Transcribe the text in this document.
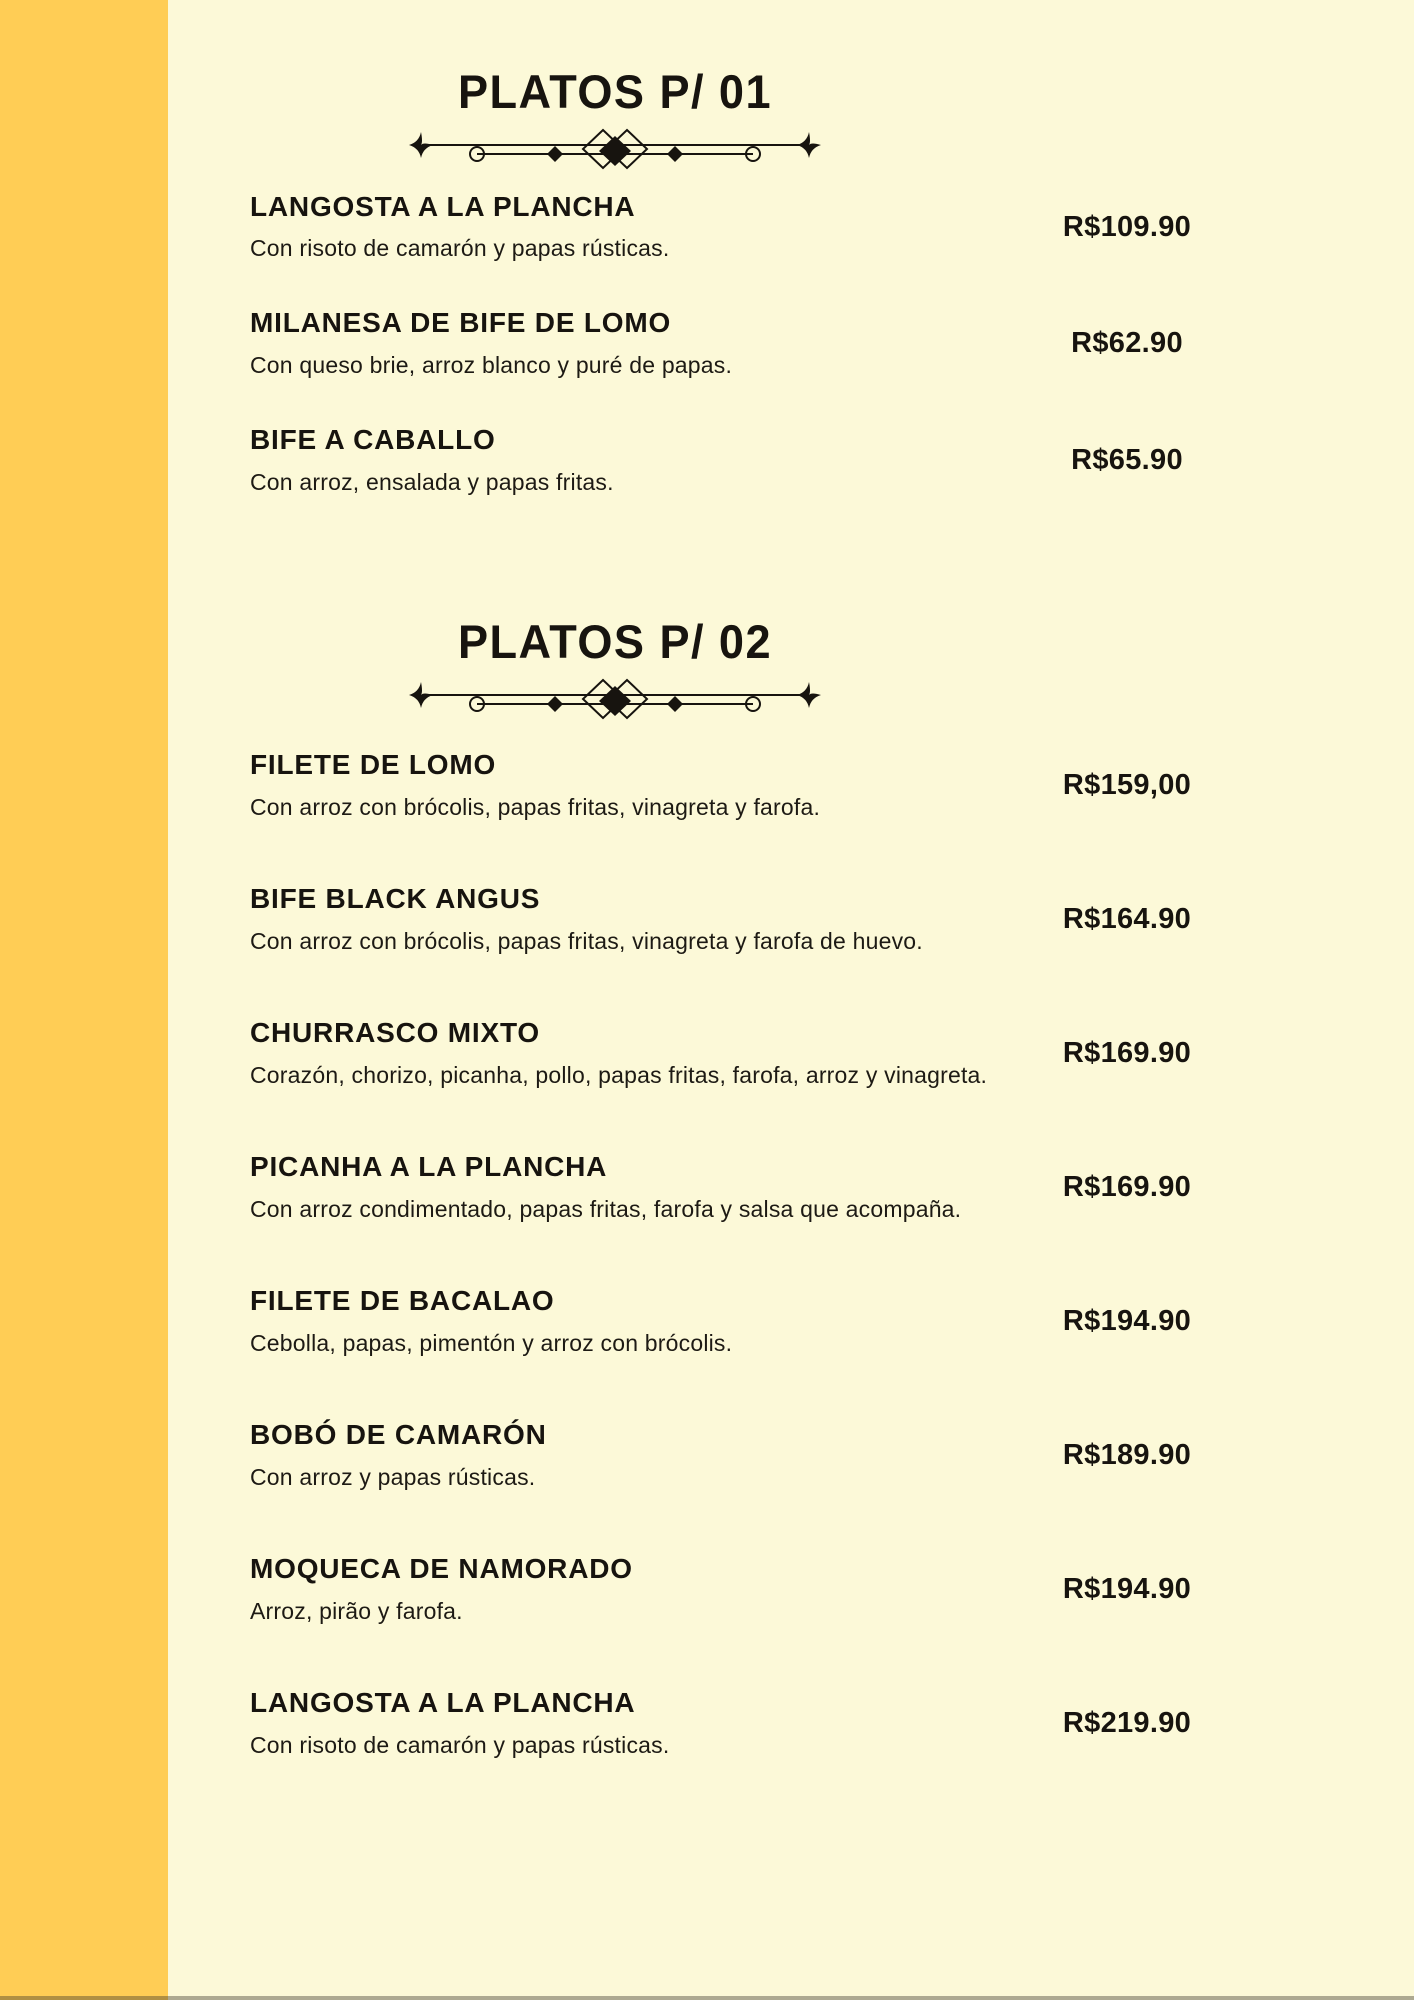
PLATOS P/ 01
LANGOSTA A LA PLANCHA
Con risoto de camarón y papas rústicas.
R$109.90
MILANESA DE BIFE DE LOMO
Con queso brie, arroz blanco y puré de papas.
R$62.90
BIFE A CABALLO
Con arroz, ensalada y papas fritas.
R$65.90
PLATOS P/ 02
FILETE DE LOMO
Con arroz con brócolis, papas fritas, vinagreta y farofa.
R$159,00
BIFE BLACK ANGUS
Con arroz con brócolis, papas fritas, vinagreta y farofa de huevo.
R$164.90
CHURRASCO MIXTO
Corazón, chorizo, picanha, pollo, papas fritas, farofa, arroz y vinagreta.
R$169.90
PICANHA A LA PLANCHA
Con arroz condimentado, papas fritas, farofa y salsa que acompaña.
R$169.90
FILETE DE BACALAO
Cebolla, papas, pimentón y arroz con brócolis.
R$194.90
BOBÓ DE CAMARÓN
Con arroz y papas rústicas.
R$189.90
MOQUECA DE NAMORADO
Arroz, pirão y farofa.
R$194.90
LANGOSTA A LA PLANCHA
Con risoto de camarón y papas rústicas.
R$219.90
